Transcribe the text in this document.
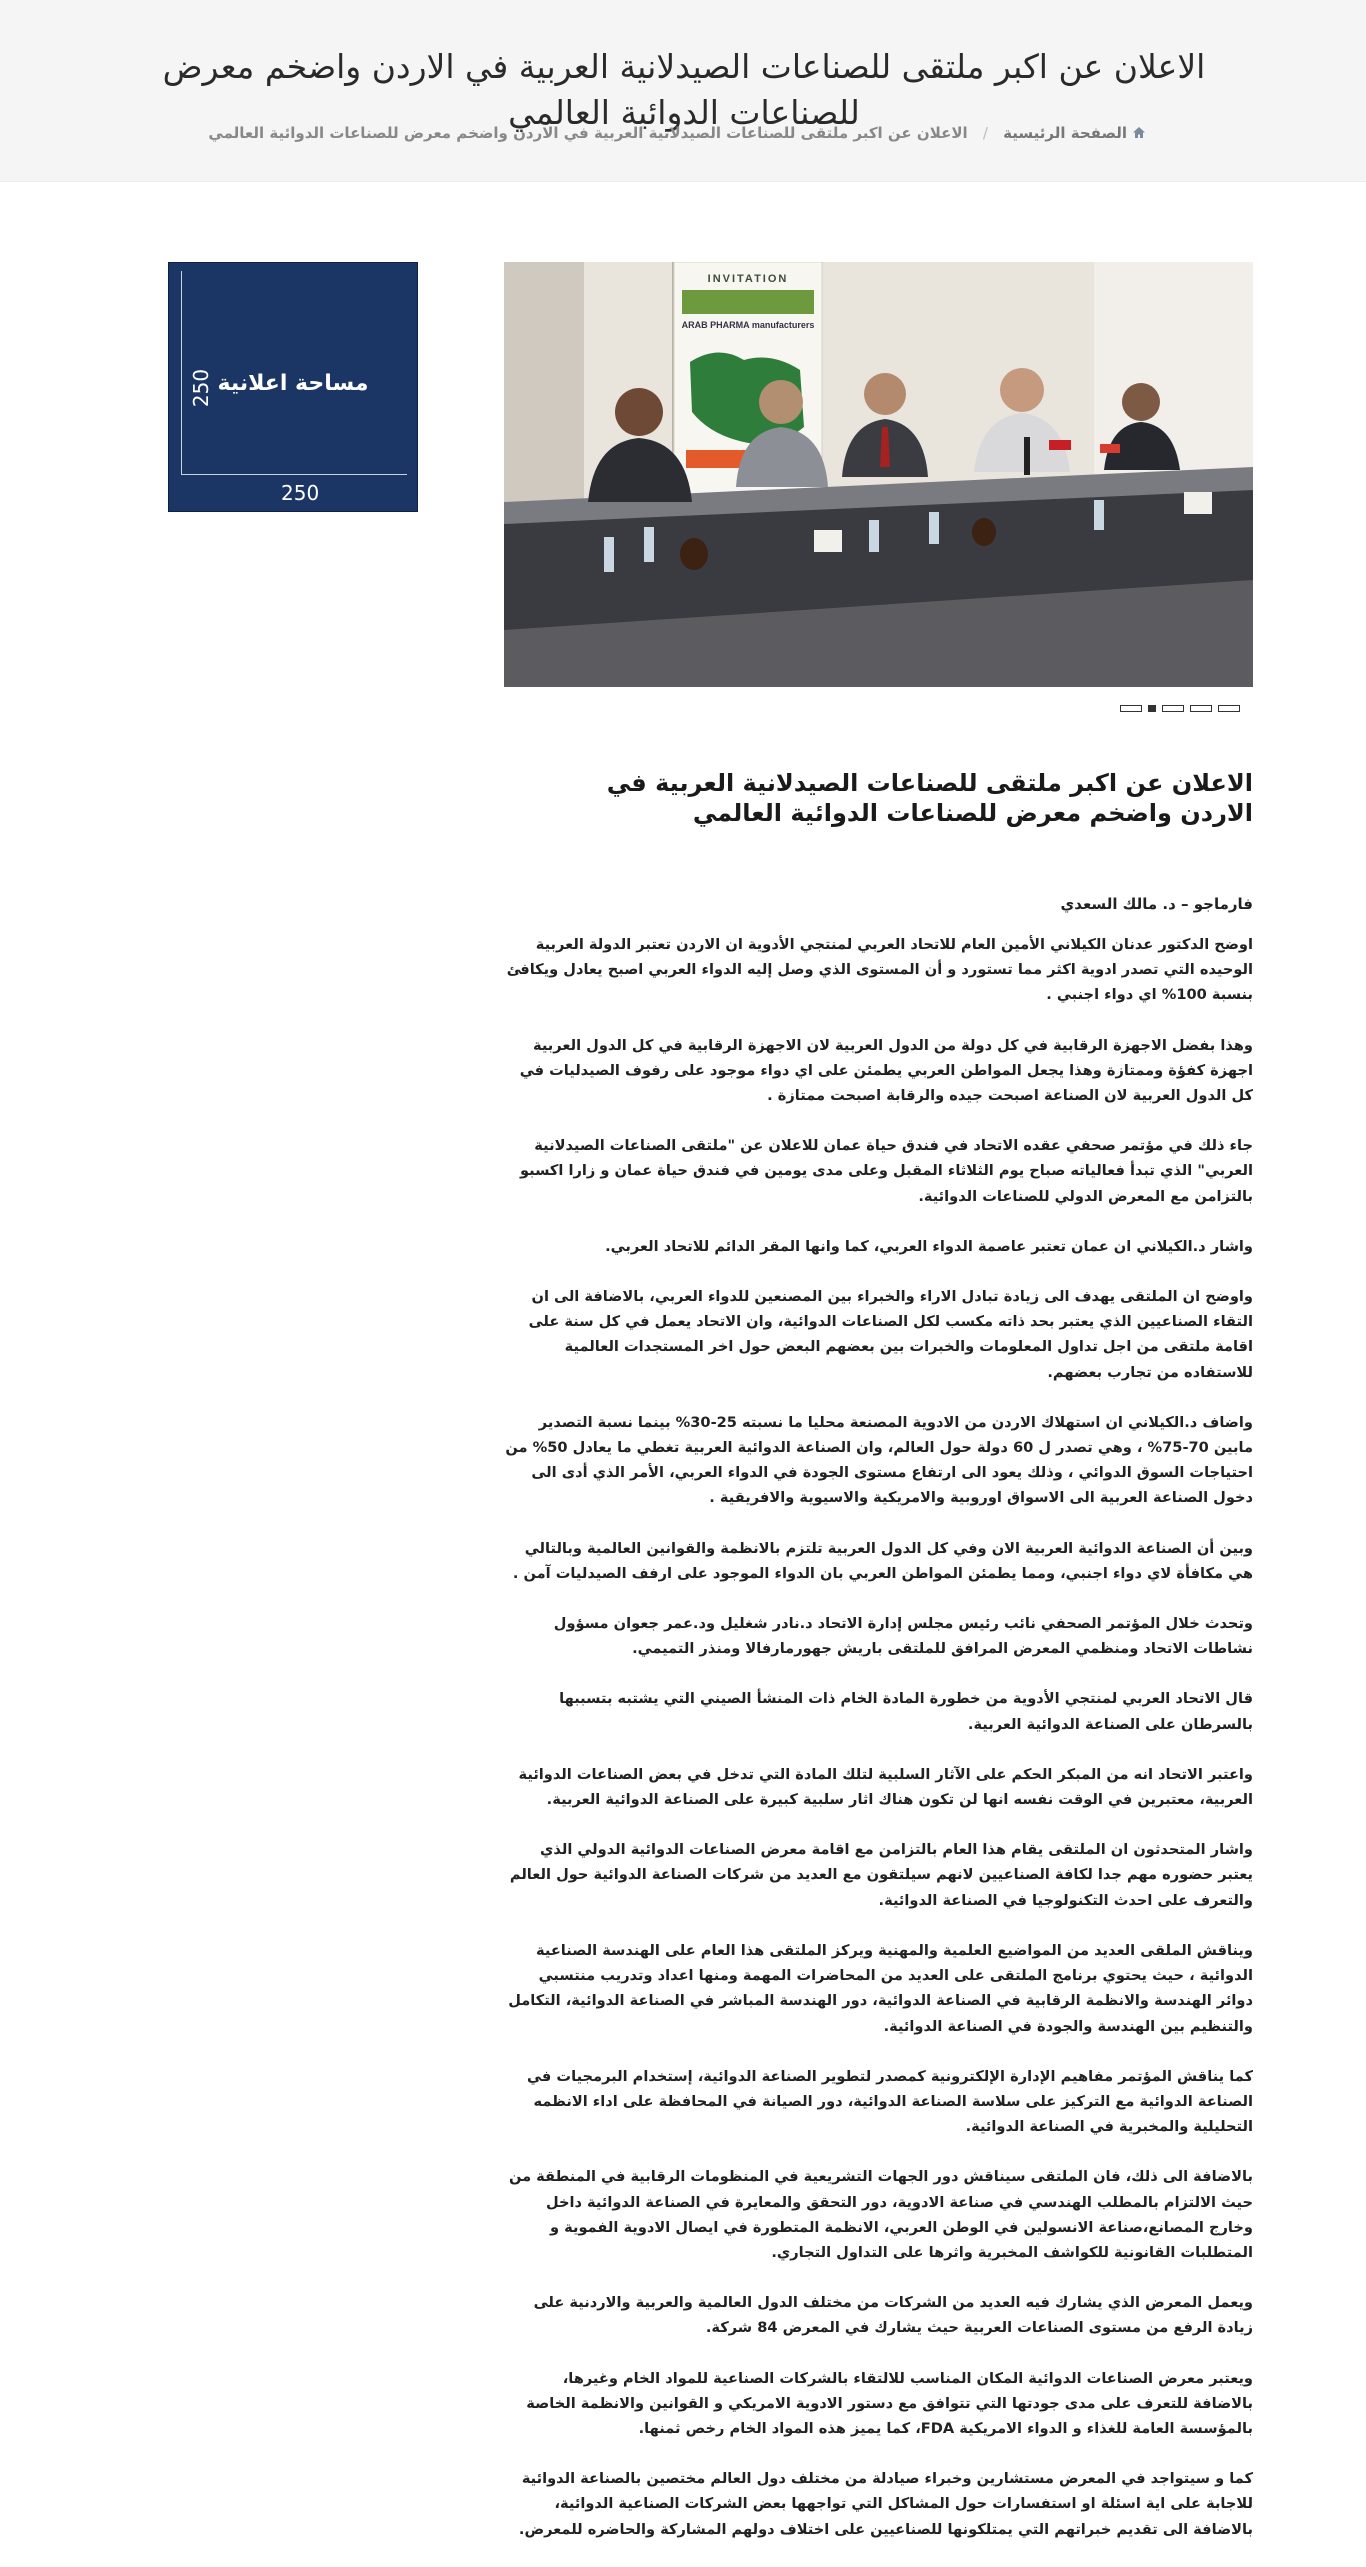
الاعلان عن اكبر ملتقى للصناعات الصيدلانية العربية في الاردن واضخم معرض للصناعات الدوائية العالمي
الصفحة الرئيسية / الاعلان عن اكبر ملتقى للصناعات الصيدلانية العربية في الاردن واضخم معرض للصناعات الدوائية العالمي
250 مساحة اعلانية
250
INVITATION
ARAB PHARMA manufacturers
الاعلان عن اكبر ملتقى للصناعات الصيدلانية العربية في الاردن واضخم معرض للصناعات الدوائية العالمي
فارماجو – د. مالك السعدي

اوضح الدكتور عدنان الكيلاني الأمين العام للاتحاد العربي لمنتجي الأدوية ان الاردن تعتبر الدولة العربية الوحيده التي تصدر ادوية اكثر مما تستورد و أن المستوى الذي وصل إليه الدواء العربي اصبح يعادل ويكافئ بنسبة 100% اي دواء اجنبي .

وهذا بفضل الاجهزة الرقابية في كل دولة من الدول العربية لان الاجهزة الرقابية في كل الدول العربية اجهزة كفؤة وممتازة وهذا يجعل المواطن العربي يطمئن على اي دواء موجود على رفوف الصيدليات في كل الدول العربية لان الصناعة اصبحت جيده والرقابة اصبحت ممتازة .

جاء ذلك في مؤتمر صحفي عقده الاتحاد في فندق حياة عمان للاعلان عن "ملتقى الصناعات الصيدلانية العربي" الذي تبدأ فعالياته صباح يوم الثلاثاء المقبل وعلى مدى يومين في فندق حياة عمان و زارا اكسبو بالتزامن مع المعرض الدولي للصناعات الدوائية.

واشار د.الكيلاني ان عمان تعتبر عاصمة الدواء العربي، كما وانها المقر الدائم للاتحاد العربي.

واوضح ان الملتقى يهدف الى زيادة تبادل الاراء والخبراء بين المصنعين للدواء العربي، بالاضافة الى ان التقاء الصناعيين الذي يعتبر بحد ذاته مكسب لكل الصناعات الدوائية، وان الاتحاد يعمل في كل سنة على اقامة ملتقى من اجل تداول المعلومات والخبرات بين بعضهم البعض حول اخر المستجدات العالمية للاستفاده من تجارب بعضهم.

واضاف د.الكيلاني ان استهلاك الاردن من الادوية المصنعة محليا ما نسبته 25-30% بينما نسبة التصدير مابين 70-75% ، وهي تصدر ل 60 دولة حول العالم، وان الصناعة الدوائية العربية تغطي ما يعادل 50% من احتياجات السوق الدوائي ، وذلك يعود الى ارتفاع مستوى الجودة في الدواء العربي، الأمر الذي أدى الى دخول الصناعة العربية الى الاسواق اوروبية والامريكية والاسيوية والافريقية .

وبين أن الصناعة الدوائية العربية الان وفي كل الدول العربية تلتزم بالانظمة والقوانين العالمية وبالتالي هي مكافأة لاي دواء اجنبي، ومما يطمئن المواطن العربي بان الدواء الموجود على ارفف الصيدليات آمن .

وتحدث خلال المؤتمر الصحفي نائب رئيس مجلس إدارة الاتحاد د.نادر شغليل ود.عمر جعوان مسؤول نشاطات الاتحاد ومنظمي المعرض المرافق للملتقى باريش جهورمارفالا ومنذر التميمي.

قال الاتحاد العربي لمنتجي الأدوية من خطورة المادة الخام ذات المنشأ الصيني التي يشتبه بتسببها بالسرطان على الصناعة الدوائية العربية.

واعتبر الاتحاد انه من المبكر الحكم على الآثار السلبية لتلك المادة التي تدخل في بعض الصناعات الدوائية العربية، معتبرين في الوقت نفسه انها لن تكون هناك اثار سلبية كبيرة على الصناعة الدوائية العربية.

واشار المتحدثون ان الملتقى يقام هذا العام بالتزامن مع اقامة معرض الصناعات الدوائية الدولي الذي يعتبر حضوره مهم جدا لكافة الصناعيين لانهم سيلتقون مع العديد من شركات الصناعة الدوائية حول العالم والتعرف على احدث التكنولوجيا في الصناعة الدوائية.

ويناقش الملقى العديد من المواضيع العلمية والمهنية ويركز الملتقى هذا العام على الهندسة الصناعية الدوائية ، حيث يحتوي برنامج الملتقى على العديد من المحاضرات المهمة ومنها اعداد وتدريب منتسبي دوائر الهندسة والانظمة الرقابية في الصناعة الدوائية، دور الهندسة المباشر في الصناعة الدوائية، التكامل والتنظيم بين الهندسة والجودة في الصناعة الدوائية.

كما يناقش المؤتمر مفاهيم الإدارة الإلكترونية كمصدر لتطوير الصناعة الدوائية، إستخدام البرمجيات في الصناعة الدوائية مع التركيز على سلاسة الصناعة الدوائية، دور الصيانة في المحافظة على اداء الانظمه التحليلية والمخبرية في الصناعة الدوائية.

بالاضافة الى ذلك، فان الملتقى سيناقش دور الجهات التشريعية في المنظومات الرقابية في المنطقة من حيث الالتزام بالمطلب الهندسي في صناعة الادوية، دور التحقق والمعايرة في الصناعة الدوائية داخل وخارج المصانع،صناعة الانسولين في الوطن العربي، الانظمة المتطورة في ايصال الادوية الفموية و المتطلبات القانونية للكواشف المخبرية واثرها على التداول التجاري.

ويعمل المعرض الذي يشارك فيه العديد من الشركات من مختلف الدول العالمية والعربية والاردنية على زيادة الرفع من مستوى الصناعات العربية حيث يشارك في المعرض 84 شركة.

ويعتبر معرض الصناعات الدوائية المكان المناسب للالتقاء بالشركات الصناعية للمواد الخام وغيرها، بالاضافة للتعرف على مدى جودتها التي تتوافق مع دستور الادوية الامريكي و القوانين والانظمة الخاصة بالمؤسسة العامة للغذاء و الدواء الامريكية FDA، كما يميز هذه المواد الخام رخص ثمنها.

كما و سيتواجد في المعرض مستشارين وخبراء صيادلة من مختلف دول العالم مختصين بالصناعة الدوائية للاجابة على اية اسئلة او استفسارات حول المشاكل التي تواجهها بعض الشركات الصناعية الدوائية، بالاضافة الى تقديم خبراتهم التي يمتلكونها للصناعيين على اختلاف دولهم المشاركة والحاضره للمعرض.
